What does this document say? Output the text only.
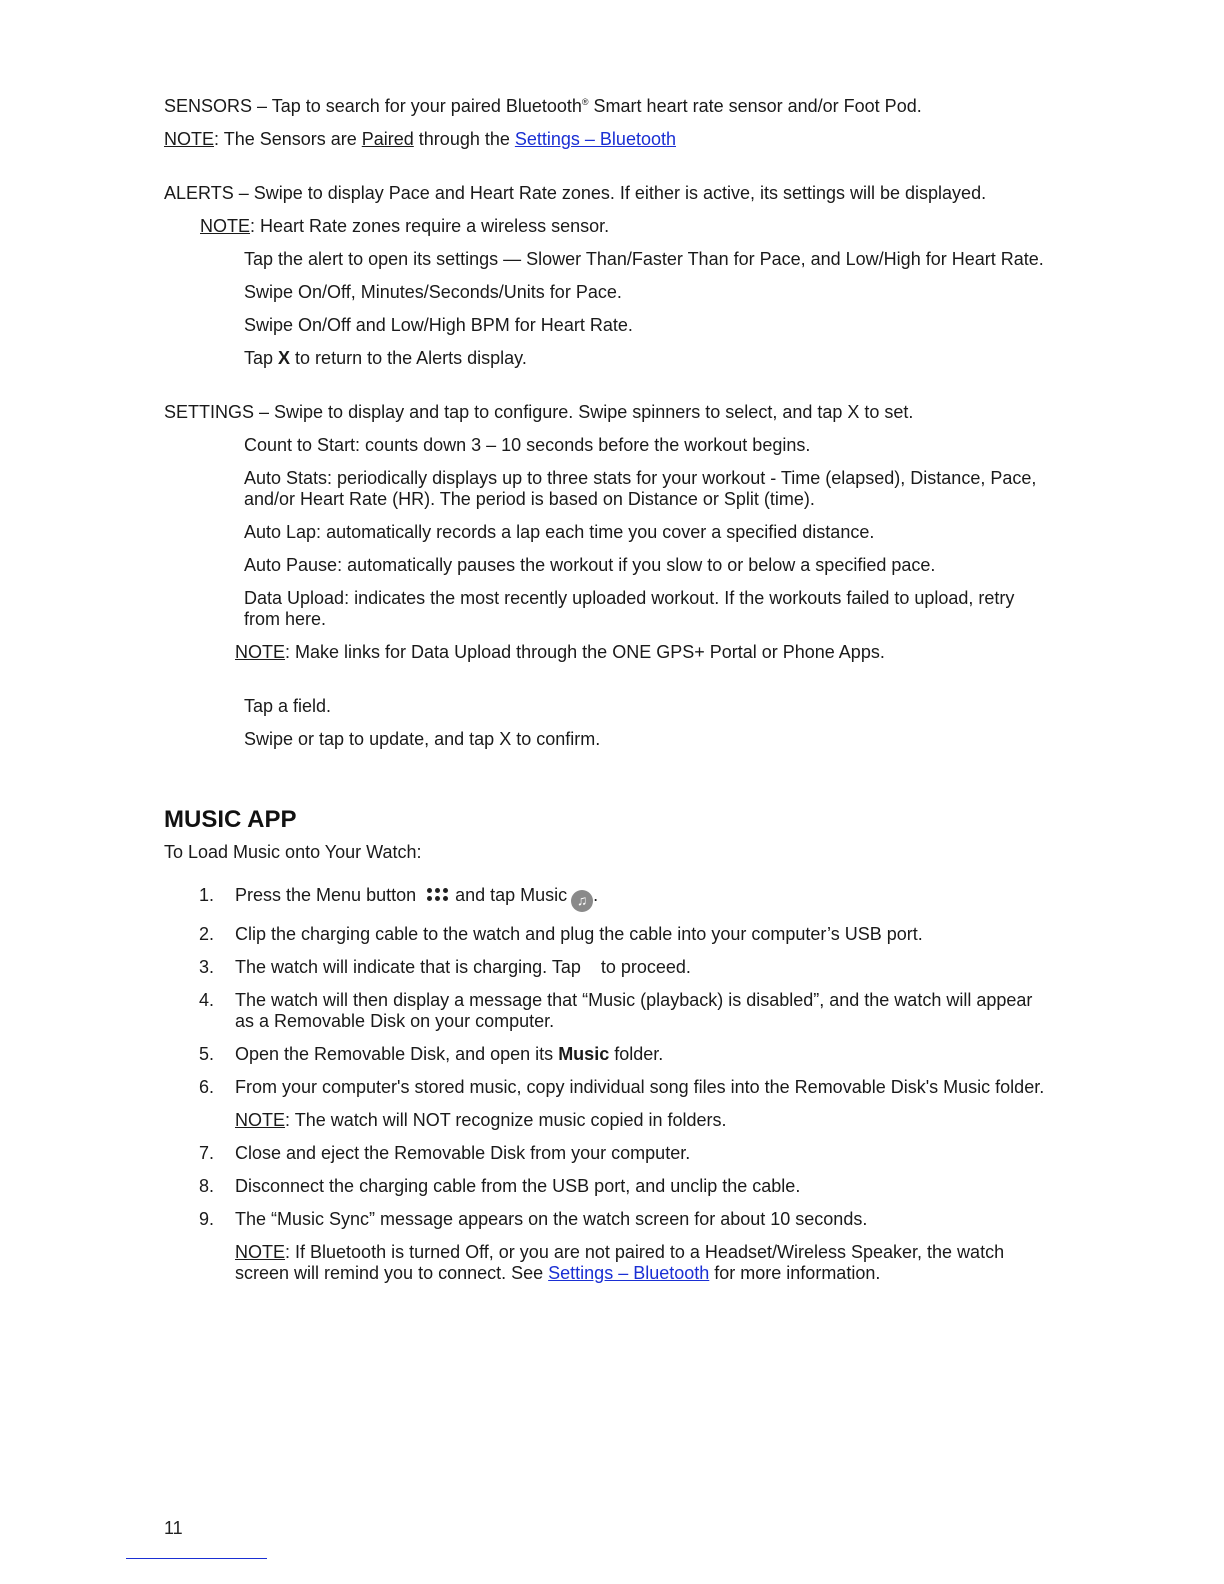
SENSORS – Tap to search for your paired Bluetooth® Smart heart rate sensor and/or Foot Pod.

NOTE: The Sensors are Paired through the Settings – Bluetooth

ALERTS – Swipe to display Pace and Heart Rate zones. If either is active, its settings will be displayed.

NOTE: Heart Rate zones require a wireless sensor.

Tap the alert to open its settings — Slower Than/Faster Than for Pace, and Low/High for Heart Rate.

Swipe On/Off, Minutes/Seconds/Units for Pace.

Swipe On/Off and Low/High BPM for Heart Rate.

Tap X to return to the Alerts display.

SETTINGS – Swipe to display and tap to configure. Swipe spinners to select, and tap X to set.

Count to Start: counts down 3 – 10 seconds before the workout begins.

Auto Stats: periodically displays up to three stats for your workout - Time (elapsed), Distance, Pace, and/or Heart Rate (HR). The period is based on Distance or Split (time).

Auto Lap: automatically records a lap each time you cover a specified distance.

Auto Pause: automatically pauses the workout if you slow to or below a specified pace.

Data Upload: indicates the most recently uploaded workout. If the workouts failed to upload, retry from here.

NOTE: Make links for Data Upload through the ONE GPS+ Portal or Phone Apps.

Tap a field.

Swipe or tap to update, and tap X to confirm.

MUSIC APP

To Load Music onto Your Watch:

1.	Press the Menu button
and tap Music ♫ .
2.	Clip the charging cable to the watch and plug the cable into your computer’s USB port.
3.	The watch will indicate that is charging. Tap    to proceed.
4.	The watch will then display a message that “Music (playback) is disabled”, and the watch will appear as a Removable Disk on your computer.
5.	Open the Removable Disk, and open its Music folder.
6.	From your computer's stored music, copy individual song files into the Removable Disk's Music folder.

NOTE: The watch will NOT recognize music copied in folders.

7.	Close and eject the Removable Disk from your computer.
8.	Disconnect the charging cable from the USB port, and unclip the cable.
9.	The “Music Sync” message appears on the watch screen for about 10 seconds.

NOTE: If Bluetooth is turned Off, or you are not paired to a Headset/Wireless Speaker, the watch screen will remind you to connect. See Settings – Bluetooth for more information.

11
